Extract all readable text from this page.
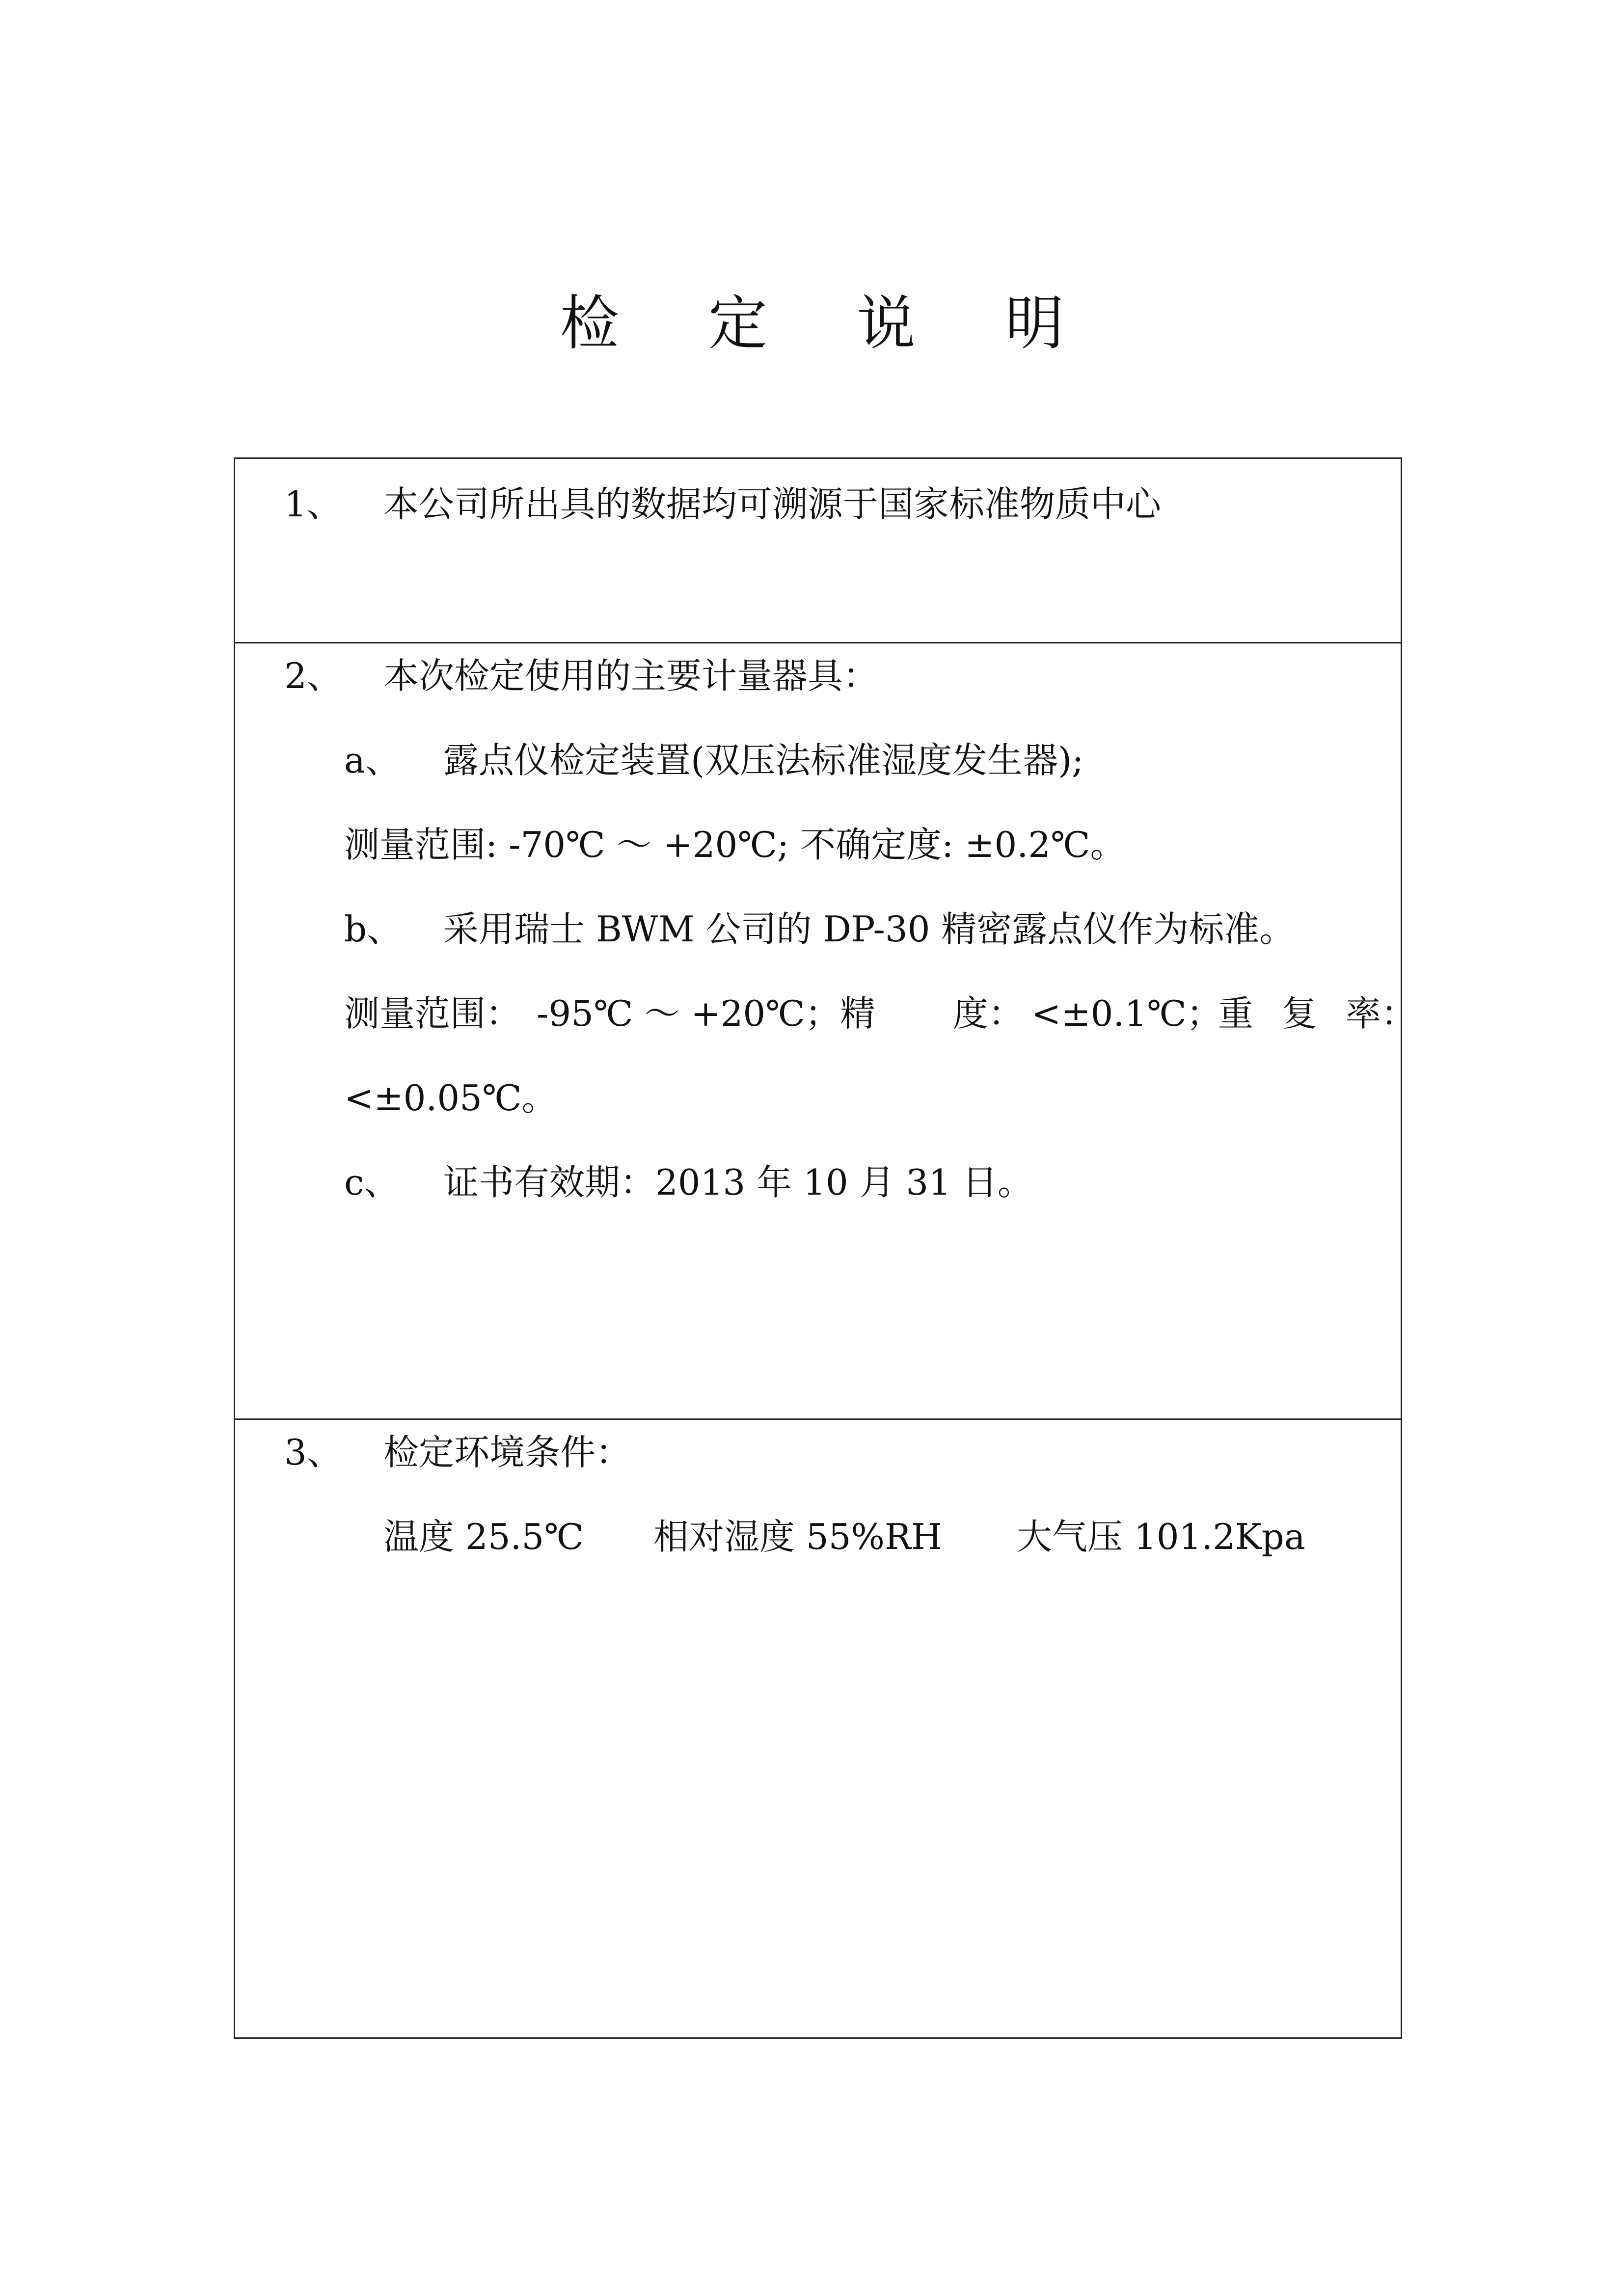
检 定 说 明
1、 本公司所出具的数据均可溯源于国家标准物质中心
2、 本次检定使用的主要计量器具：
a、 露点仪检定装置(双压法标准湿度发生器);
测量范围: -70℃ ～ +20℃; 不确定度: ±0.2℃。
b、 采用瑞士 BWM 公司的 DP-30 精密露点仪作为标准。
测量范围： -95℃ ～ +20℃； 精 度： <±0.1℃；
重 复 率：
<±0.05℃。
c、 证书有效期：2013 年 10 月 31 日。
3、 检定环境条件：
温度 25.5℃ 相对湿度 55%RH 大气压 101.2Kpa
